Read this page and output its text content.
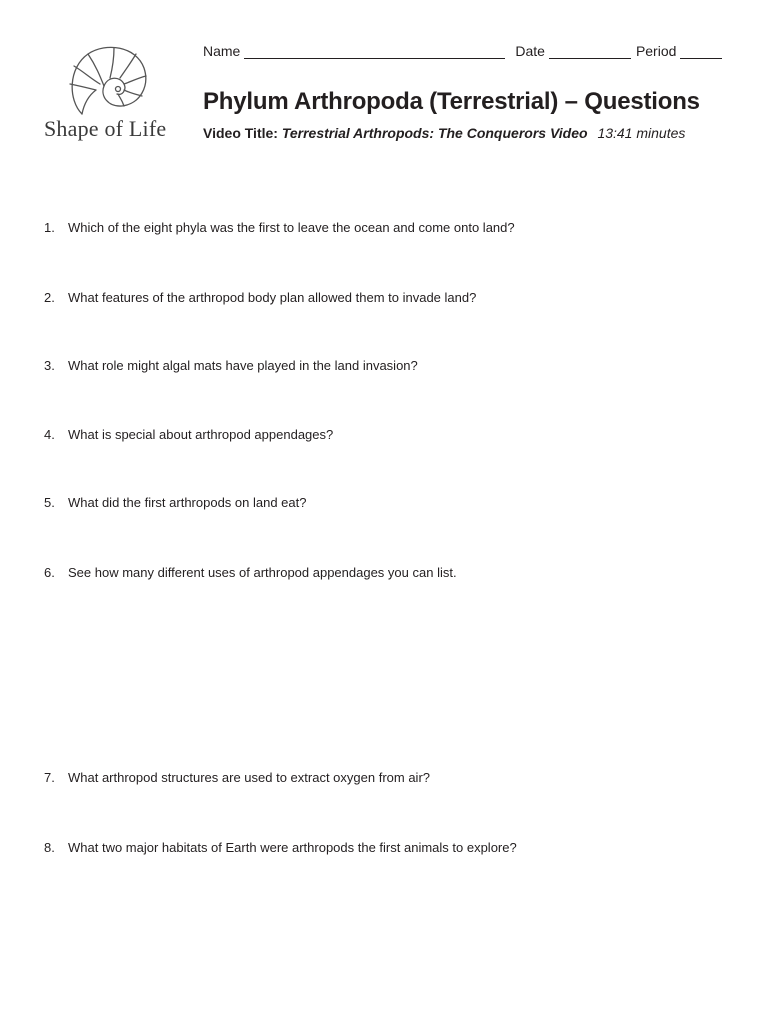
Shape of Life
Name	Date	Period
Phylum Arthropoda (Terrestrial) – Questions
Video Title: Terrestrial Arthropods: The Conquerors Video 13:41 minutes
1.	Which of the eight phyla was the first to leave the ocean and come onto land?
2.	What features of the arthropod body plan allowed them to invade land?
3.	What role might algal mats have played in the land invasion?
4.	What is special about arthropod appendages?
5.	What did the first arthropods on land eat?
6.	See how many different uses of arthropod appendages you can list.
7.	What arthropod structures are used to extract oxygen from air?
8.	What two major habitats of Earth were arthropods the first animals to explore?
